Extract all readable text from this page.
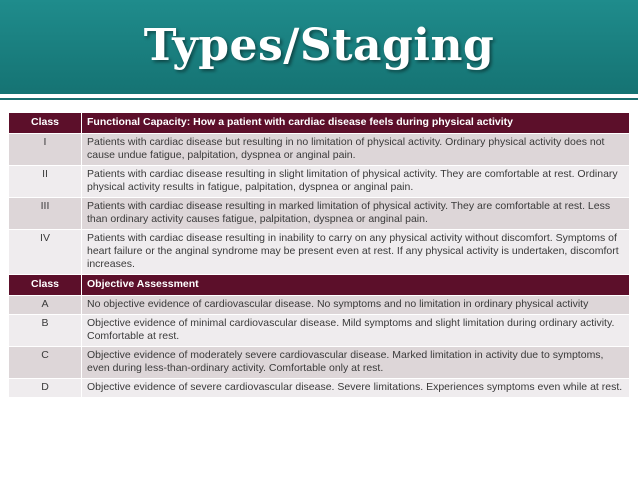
Types/Staging
Class	Functional Capacity: How a patient with cardiac disease feels during physical activity
I	Patients with cardiac disease but resulting in no limitation of physical activity. Ordinary physical activity does not cause undue fatigue, palpitation, dyspnea or anginal pain.
II	Patients with cardiac disease resulting in slight limitation of physical activity. They are comfortable at rest. Ordinary physical activity results in fatigue, palpitation, dyspnea or anginal pain.
III	Patients with cardiac disease resulting in marked limitation of physical activity. They are comfortable at rest. Less than ordinary activity causes fatigue, palpitation, dyspnea or anginal pain.
IV	Patients with cardiac disease resulting in inability to carry on any physical activity without discomfort. Symptoms of heart failure or the anginal syndrome may be present even at rest. If any physical activity is undertaken, discomfort increases.
Class	Objective Assessment
A	No objective evidence of cardiovascular disease. No symptoms and no limitation in ordinary physical activity
B	Objective evidence of minimal cardiovascular disease. Mild symptoms and slight limitation during ordinary activity. Comfortable at rest.
C	Objective evidence of moderately severe cardiovascular disease. Marked limitation in activity due to symptoms, even during less-than-ordinary activity. Comfortable only at rest.
D	Objective evidence of severe cardiovascular disease. Severe limitations. Experiences symptoms even while at rest.
